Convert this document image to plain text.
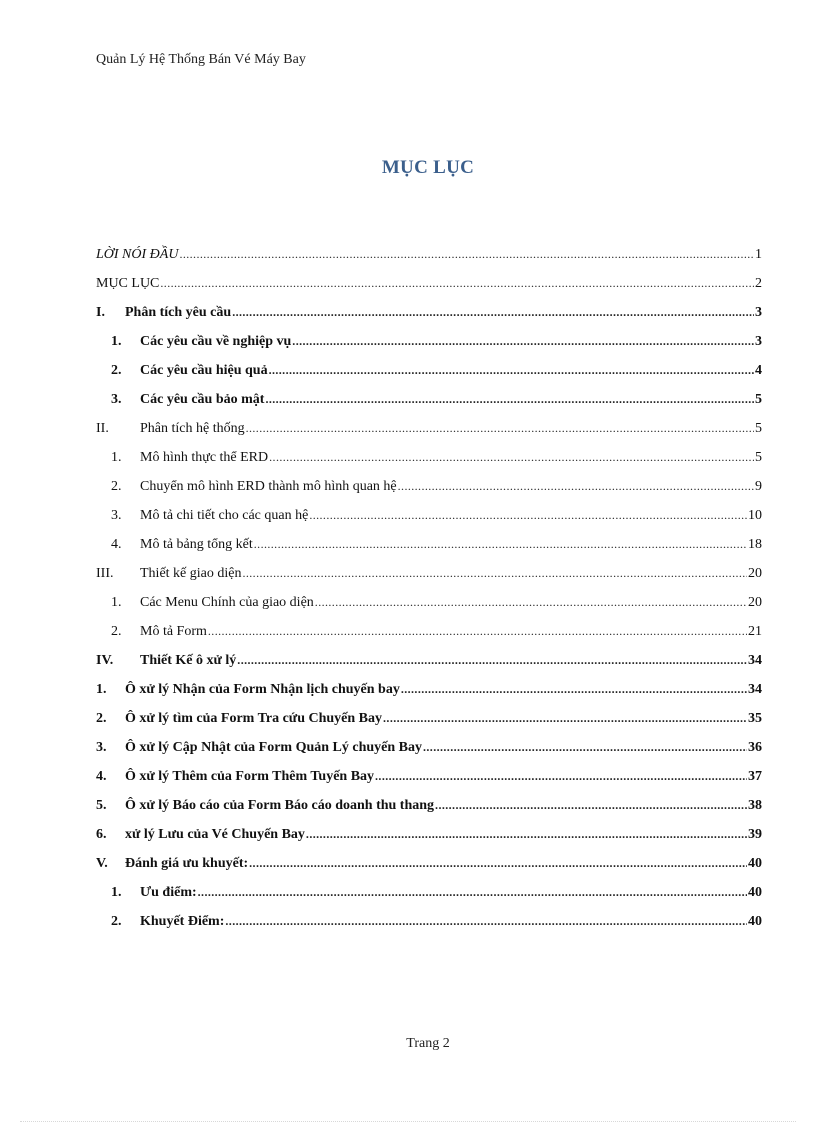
Quản Lý Hệ Thống Bán Vé Máy Bay
MỤC LỤC
LỜI NÓI ĐẦU .....	1
MỤC LỤC .....	2
I.	Phân tích yêu cầu .....	3
1.	Các yêu cầu về nghiệp vụ .....	3
2.	Các yêu cầu hiệu quả .....	4
3.	Các yêu cầu bảo mật .....	5
II.	Phân tích hệ thống .....	5
1.	Mô hình thực thể ERD .....	5
2.	Chuyển mô hình ERD thành mô hình quan hệ .....	9
3.	Mô tả chi tiết cho các quan hệ .....	10
4.	Mô tả bảng tổng kết .....	18
III.	Thiết kế giao diện .....	20
1.	Các Menu Chính của giao diện .....	20
2.	Mô tả Form .....	21
IV.	Thiết Kế ô xử lý .....	34
1.	Ô xử lý Nhận của Form Nhận lịch chuyến bay .....	34
2.	Ô xử lý tìm của Form Tra cứu Chuyến Bay .....	35
3.	Ô xử lý Cập Nhật của Form Quản Lý chuyến Bay .....	36
4.	Ô xử lý Thêm của Form Thêm Tuyến Bay .....	37
5.	Ô xử lý Báo cáo của Form Báo cáo doanh thu thang .....	38
6.	xử lý Lưu của Vé Chuyến Bay .....	39
V.	Đánh giá ưu khuyết: .....	40
1.	Ưu điểm: .....	40
2.	Khuyết Điểm: .....	40
Trang 2
